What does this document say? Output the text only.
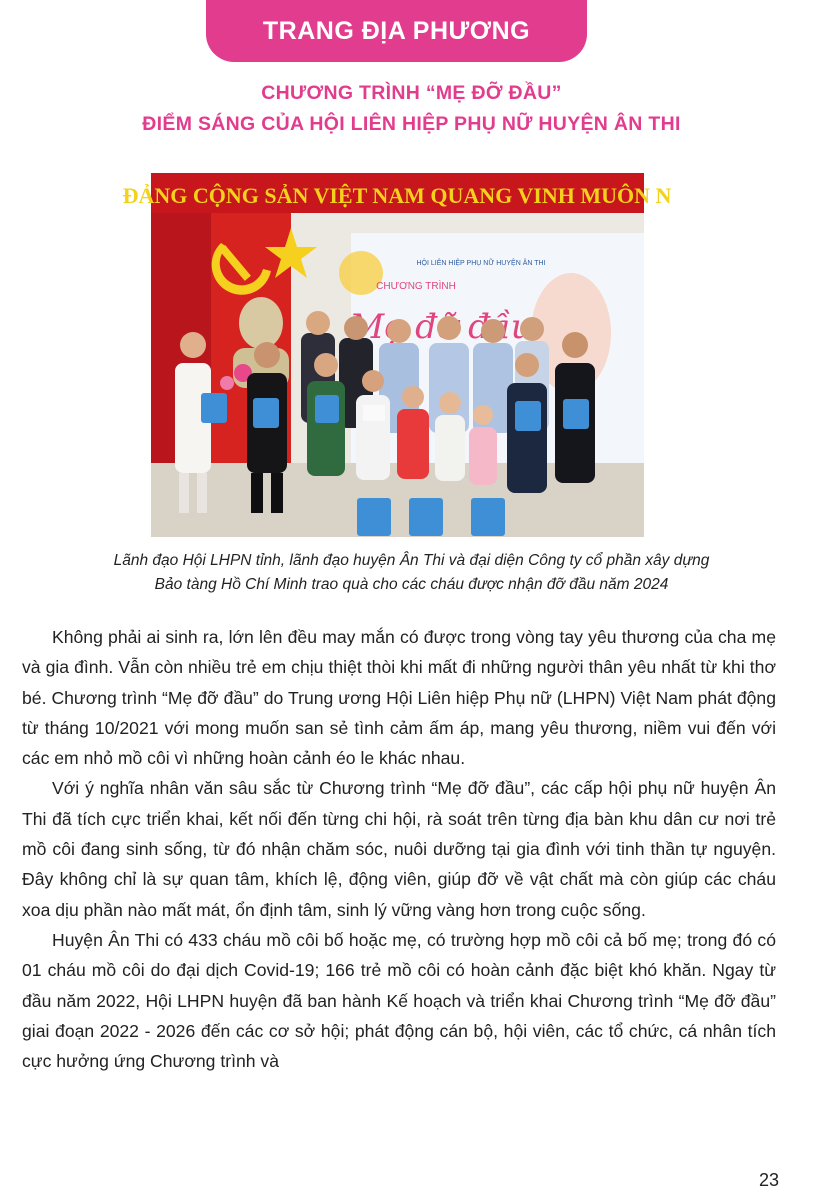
TRANG ĐỊA PHƯƠNG
CHƯƠNG TRÌNH “MẸ ĐỠ ĐẦU”
ĐIỂM SÁNG CỦA HỘI LIÊN HIỆP PHỤ NỮ HUYỆN ÂN THI
ĐẢNG CỘNG SẢN VIỆT NAM QUANG VINH MUÔN N
HỘI LIÊN HIỆP PHỤ NỮ HUYỆN ÂN THI
CHƯƠNG TRÌNH
Mẹ đỡ
Lãnh đạo Hội LHPN tỉnh, lãnh đạo huyện Ân Thi và đại diện Công ty cổ phần xây dựng
Bảo tàng Hồ Chí Minh trao quà cho các cháu được nhận đỡ đầu năm 2024

Không phải ai sinh ra, lớn lên đều may mắn có được trong vòng tay yêu thương của cha mẹ và gia đình. Vẫn còn nhiều trẻ em chịu thiệt thòi khi mất đi những người thân yêu nhất từ khi thơ bé. Chương trình “Mẹ đỡ đầu” do Trung ương Hội Liên hiệp Phụ nữ (LHPN) Việt Nam phát động từ tháng 10/2021 với mong muốn san sẻ tình cảm ấm áp, mang yêu thương, niềm vui đến với các em nhỏ mồ côi vì những hoàn cảnh éo le khác nhau.

Với ý nghĩa nhân văn sâu sắc từ Chương trình “Mẹ đỡ đầu”, các cấp hội phụ nữ huyện Ân Thi đã tích cực triển khai, kết nối đến từng chi hội, rà soát trên từng địa bàn khu dân cư nơi trẻ mồ côi đang sinh sống, từ đó nhận chăm sóc, nuôi dưỡng tại gia đình với tinh thần tự nguyện. Đây không chỉ là sự quan tâm, khích lệ, động viên, giúp đỡ về vật chất mà còn giúp các cháu xoa dịu phần nào mất mát, ổn định tâm, sinh lý vững vàng hơn trong cuộc sống.

Huyện Ân Thi có 433 cháu mồ côi bố hoặc mẹ, có trường hợp mồ côi cả bố mẹ; trong đó có 01 cháu mồ côi do đại dịch Covid-19; 166 trẻ mồ côi có hoàn cảnh đặc biệt khó khăn. Ngay từ đầu năm 2022, Hội LHPN huyện đã ban hành Kế hoạch và triển khai Chương trình “Mẹ đỡ đầu” giai đoạn 2022 - 2026 đến các cơ sở hội; phát động cán bộ, hội viên, các tổ chức, cá nhân tích cực hưởng ứng Chương trình và

23
